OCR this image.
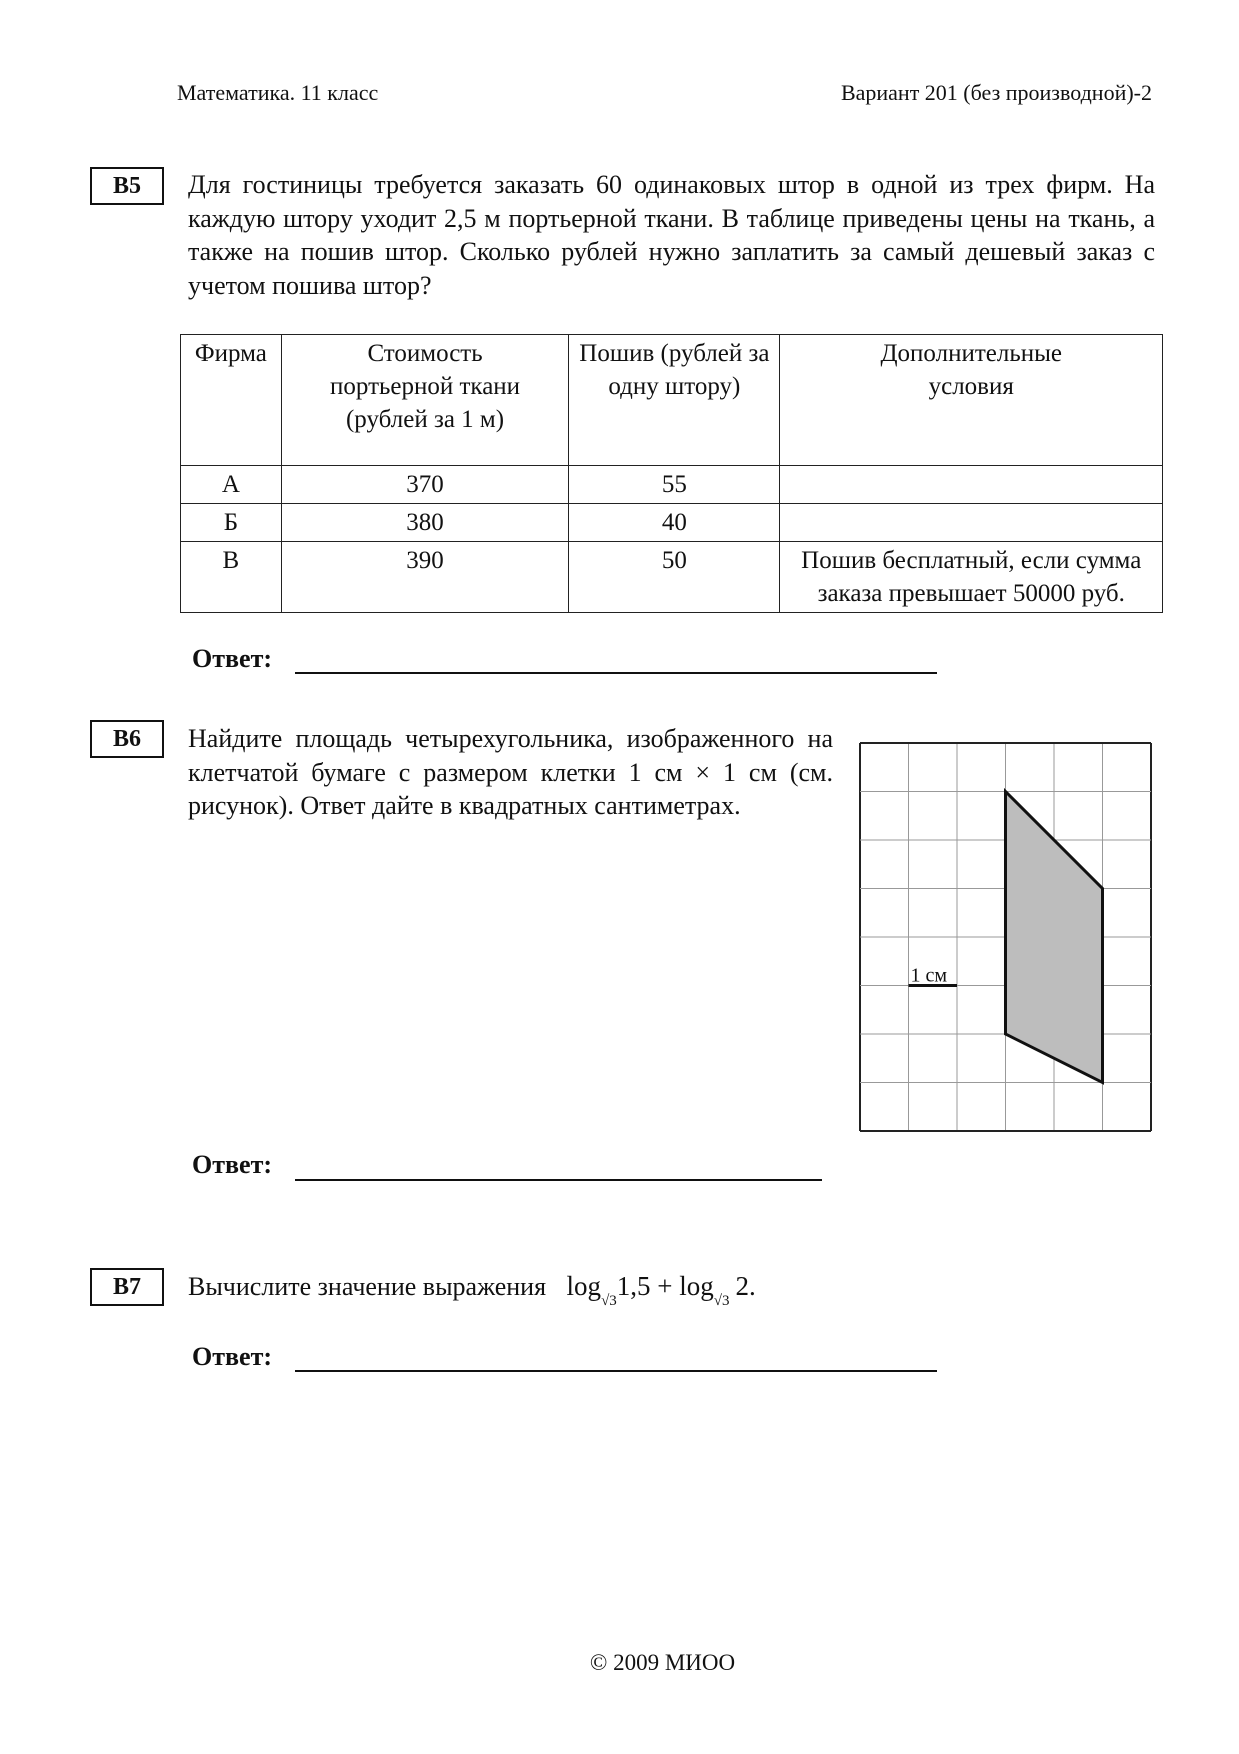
Математика. 11 класс	Вариант 201 (без производной)-2
B5	Для гостиницы требуется заказать 60 одинаковых штор в одной из трех фирм. На каждую штору уходит 2,5 м портьерной ткани. В таблице приведены цены на ткань, а также на пошив штор. Сколько рублей нужно заплатить за самый дешевый заказ с учетом пошива штор?
Фирма	Стоимость портьерной ткани (рублей за 1 м)	Пошив (рублей за одну штору)	Дополнительные условия
А	370	55	
Б	380	40	
В	390	50	Пошив бесплатный, если сумма заказа превышает 50000 руб.
Ответ:
B6	Найдите площадь четырехугольника, изображенного на клетчатой бумаге с размером клетки 1 см × 1 см (см. рисунок). Ответ дайте в квадратных сантиметрах.
1 см
Ответ:
B7	Вычислите значение выражения $\log_{√3}1,5 + \log_{√3} 2$.
Ответ:
© 2009 МИОО
